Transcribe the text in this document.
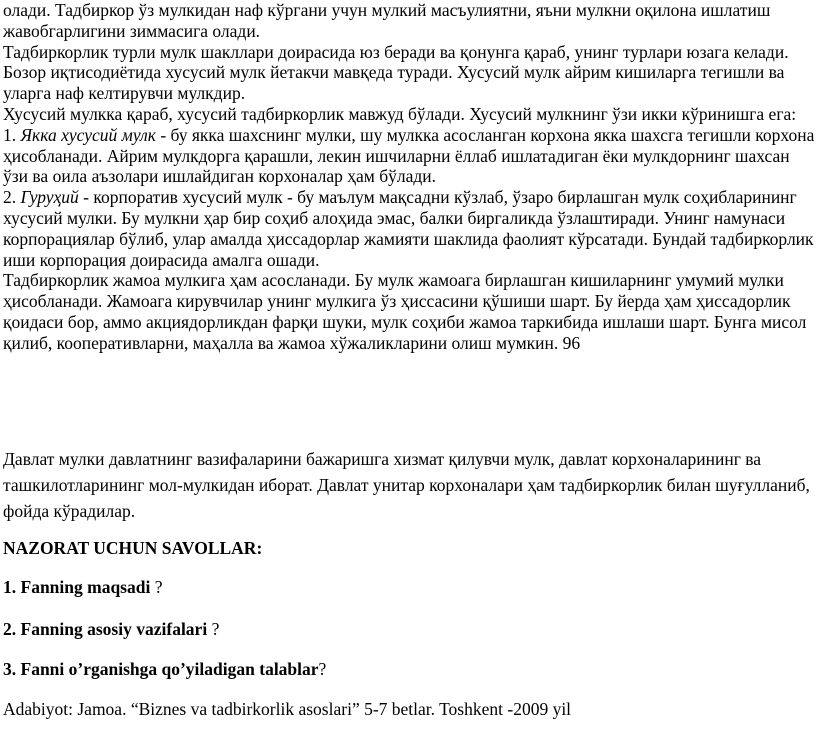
олади. Тадбиркор ўз мулкидан наф кўргани учун мулкий масъулиятни, яъни мулкни оқилона ишлатиш жавобгарлигини зиммасига олади.

Тадбиркорлик турли мулк шакллари доирасида юз беради ва қонунга қараб, унинг турлари юзага келади. Бозор иқтисодиётида хусусий мулк йетакчи мавқеда туради. Хусусий мулк айрим кишиларга тегишли ва уларга наф келтирувчи мулкдир.

Хусусий мулкка қараб, хусусий тадбиркорлик мавжуд бўлади. Хусусий мулкнинг ўзи икки кўринишга ега:

1. Якка хусусий мулк - бу якка шахснинг мулки, шу мулкка асосланган корхона якка шахсга тегишли корхона ҳисобланади. Айрим мулкдорга қарашли, лекин ишчиларни ёллаб ишлатадиган ёки мулкдорнинг шахсан ўзи ва оила аъзолари ишлайдиган корхоналар ҳам бўлади.

2. Гуруҳий - корпоратив хусусий мулк - бу маълум мақсадни кўзлаб, ўзаро бирлашган мулк соҳибларининг хусусий мулки. Бу мулкни ҳар бир соҳиб алоҳида эмас, балки биргаликда ўзлаштиради. Унинг намунаси корпорациялар бўлиб, улар амалда ҳиссадорлар жамияти шаклида фаолият кўрсатади. Бундай тадбиркорлик иши корпорация доирасида амалга ошади.

Тадбиркорлик жамоа мулкига ҳам асосланади. Бу мулк жамоага бирлашган кишиларнинг умумий мулки ҳисобланади. Жамоага кирувчилар унинг мулкига ўз ҳиссасини қўшиши шарт. Бу йерда ҳам ҳиссадорлик қоидаси бор, аммо акциядорликдан фарқи шуки, мулк соҳиби жамоа таркибида ишлаши шарт. Бунга мисол қилиб, кооперативларни, маҳалла ва жамоа хўжаликларини олиш мумкин. 96

Давлат мулки давлатнинг вазифаларини бажаришга хизмат қилувчи мулк, давлат корхоналарининг ва ташкилотларининг мол-мулкидан иборат. Давлат унитар корхоналари ҳам тадбиркорлик билан шуғулланиб, фойда кўрадилар.
NAZORAT UCHUN SAVOLLAR:
1. Fanning maqsadi ?
2. Fanning asosiy vazifalari ?
3. Fanni o’rganishga qo’yiladigan talablar?
Adabiyot: Jamoa. “Biznes va tadbirkorlik asoslari” 5-7 betlar. Toshkent -2009 yil
